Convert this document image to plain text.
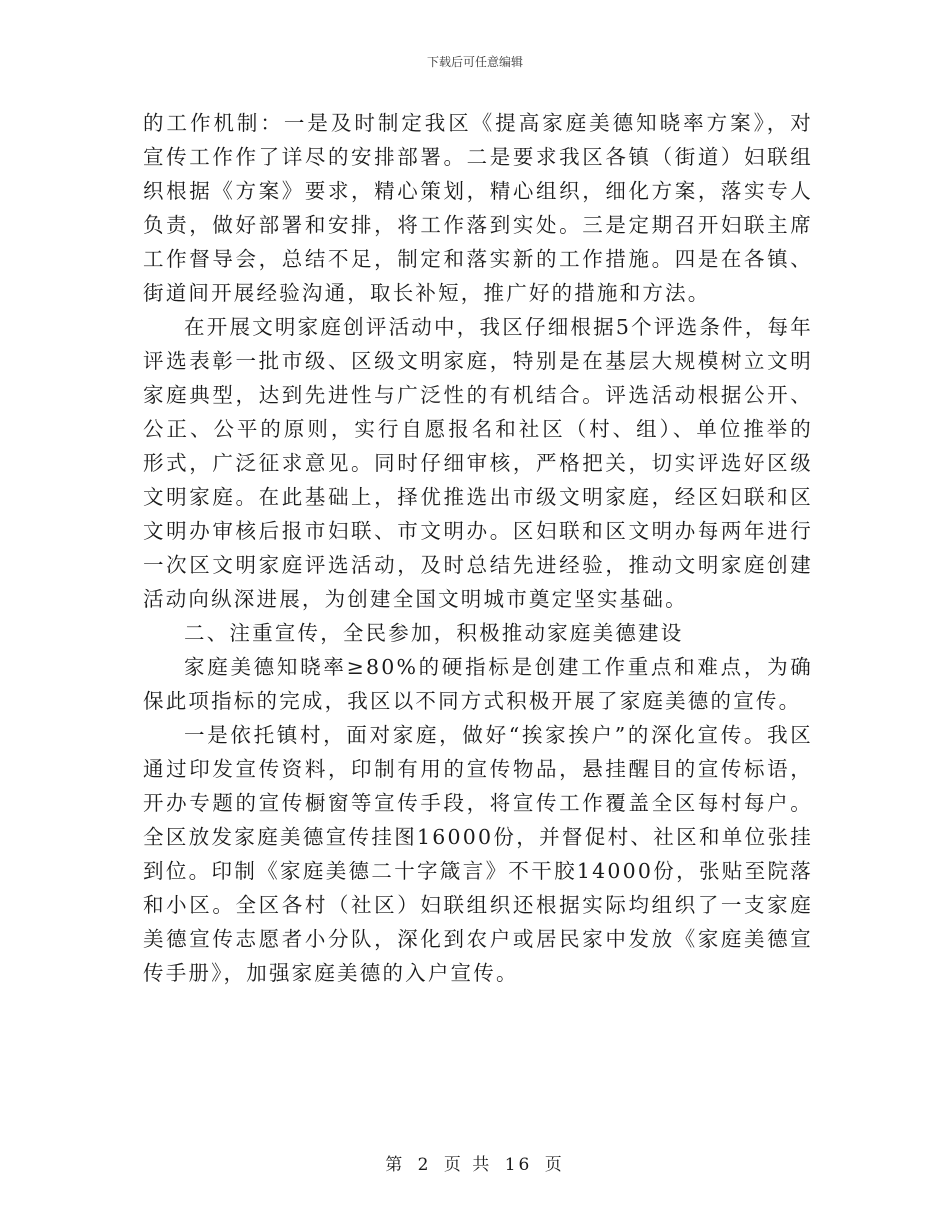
下载后可任意编辑

的工作机制：一是及时制定我区《提高家庭美德知晓率方案》，对宣传工作作了详尽的安排部署。二是要求我区各镇（街道）妇联组织根据《方案》要求，精心策划，精心组织，细化方案，落实专人负责，做好部署和安排，将工作落到实处。三是定期召开妇联主席工作督导会，总结不足，制定和落实新的工作措施。四是在各镇、街道间开展经验沟通，取长补短，推广好的措施和方法。

在开展文明家庭创评活动中，我区仔细根据5个评选条件，每年评选表彰一批市级、区级文明家庭，特别是在基层大规模树立文明家庭典型，达到先进性与广泛性的有机结合。评选活动根据公开、公正、公平的原则，实行自愿报名和社区（村、组）、单位推举的形式，广泛征求意见。同时仔细审核，严格把关，切实评选好区级文明家庭。在此基础上，择优推选出市级文明家庭，经区妇联和区文明办审核后报市妇联、市文明办。区妇联和区文明办每两年进行一次区文明家庭评选活动，及时总结先进经验，推动文明家庭创建活动向纵深进展，为创建全国文明城市奠定坚实基础。

二、注重宣传，全民参加，积极推动家庭美德建设

家庭美德知晓率≥80%的硬指标是创建工作重点和难点，为确保此项指标的完成，我区以不同方式积极开展了家庭美德的宣传。

一是依托镇村，面对家庭，做好“挨家挨户”的深化宣传。我区通过印发宣传资料，印制有用的宣传物品，悬挂醒目的宣传标语，开办专题的宣传橱窗等宣传手段，将宣传工作覆盖全区每村每户。全区放发家庭美德宣传挂图16000份，并督促村、社区和单位张挂到位。印制《家庭美德二十字箴言》不干胶14000份，张贴至院落和小区。全区各村（社区）妇联组织还根据实际均组织了一支家庭美德宣传志愿者小分队，深化到农户或居民家中发放《家庭美德宣传手册》，加强家庭美德的入户宣传。

第 2 页 共 16 页
